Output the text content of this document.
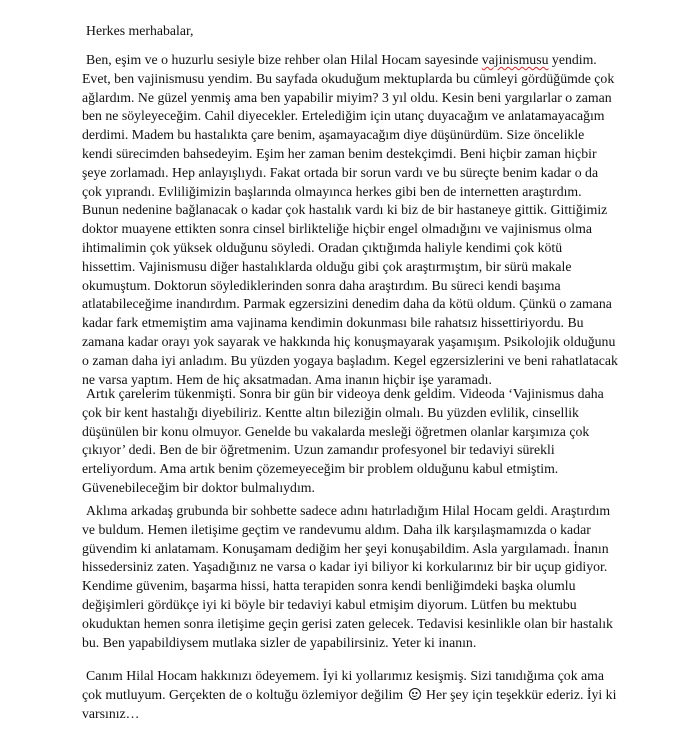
Herkes merhabalar,

Ben, eşim ve o huzurlu sesiyle bize rehber olan Hilal Hocam sayesinde vajinismusu yendim. Evet, ben vajinismusu yendim. Bu sayfada okuduğum mektuplarda bu cümleyi gördüğümde çok ağlardım. Ne güzel yenmiş ama ben yapabilir miyim? 3 yıl oldu. Kesin beni yargılarlar o zaman ben ne söyleyeceğim. Cahil diyecekler. Ertelediğim için utanç duyacağım ve anlatamayacağım derdimi. Madem bu hastalıkta çare benim, aşamayacağım diye düşünürdüm. Size öncelikle kendi sürecimden bahsedeyim. Eşim her zaman benim destekçimdi. Beni hiçbir zaman hiçbir şeye zorlamadı. Hep anlayışlıydı. Fakat ortada bir sorun vardı ve bu süreçte benim kadar o da çok yıprandı. Evliliğimizin başlarında olmayınca herkes gibi ben de internetten araştırdım. Bunun nedenine bağlanacak o kadar çok hastalık vardı ki biz de bir hastaneye gittik. Gittiğimiz doktor muayene ettikten sonra cinsel birlikteliğe hiçbir engel olmadığını ve vajinismus olma ihtimalimin çok yüksek olduğunu söyledi. Oradan çıktığımda haliyle kendimi çok kötü hissettim. Vajinismusu diğer hastalıklarda olduğu gibi çok araştırmıştım, bir sürü makale okumuştum. Doktorun söylediklerinden sonra daha araştırdım. Bu süreci kendi başıma atlatabileceğime inandırdım. Parmak egzersizini denedim daha da kötü oldum. Çünkü o zamana kadar fark etmemiştim ama vajinama kendimin dokunması bile rahatsız hissettiriyordu. Bu zamana kadar orayı yok sayarak ve hakkında hiç konuşmayarak yaşamışım. Psikolojik olduğunu o zaman daha iyi anladım. Bu yüzden yogaya başladım. Kegel egzersizlerini ve beni rahatlatacak ne varsa yaptım. Hem de hiç aksatmadan. Ama inanın hiçbir işe yaramadı.

Artık çarelerim tükenmişti. Sonra bir gün bir videoya denk geldim. Videoda ‘Vajinismus daha çok bir kent hastalığı diyebiliriz. Kentte altın bileziğin olmalı. Bu yüzden evlilik, cinsellik düşünülen bir konu olmuyor. Genelde bu vakalarda mesleği öğretmen olanlar karşımıza çok çıkıyor’ dedi. Ben de bir öğretmenim. Uzun zamandır profesyonel bir tedaviyi sürekli erteliyordum. Ama artık benim çözemeyeceğim bir problem olduğunu kabul etmiştim. Güvenebileceğim bir doktor bulmalıydım.

Aklıma arkadaş grubunda bir sohbette sadece adını hatırladığım Hilal Hocam geldi. Araştırdım ve buldum. Hemen iletişime geçtim ve randevumu aldım. Daha ilk karşılaşmamızda o kadar güvendim ki anlatamam. Konuşamam dediğim her şeyi konuşabildim. Asla yargılamadı. İnanın hissedersiniz zaten. Yaşadığınız ne varsa o kadar iyi biliyor ki korkularınız bir bir uçup gidiyor. Kendime güvenim, başarma hissi, hatta terapiden sonra kendi benliğimdeki başka olumlu değişimleri gördükçe iyi ki böyle bir tedaviyi kabul etmişim diyorum. Lütfen bu mektubu okuduktan hemen sonra iletişime geçin gerisi zaten gelecek. Tedavisi kesinlikle olan bir hastalık bu. Ben yapabildiysem mutlaka sizler de yapabilirsiniz. Yeter ki inanın.

Canım Hilal Hocam hakkınızı ödeyemem. İyi ki yollarımız kesişmiş. Sizi tanıdığıma çok ama çok mutluyum. Gerçekten de o koltuğu özlemiyor değilim Her şey için teşekkür ederiz. İyi ki varsınız…
